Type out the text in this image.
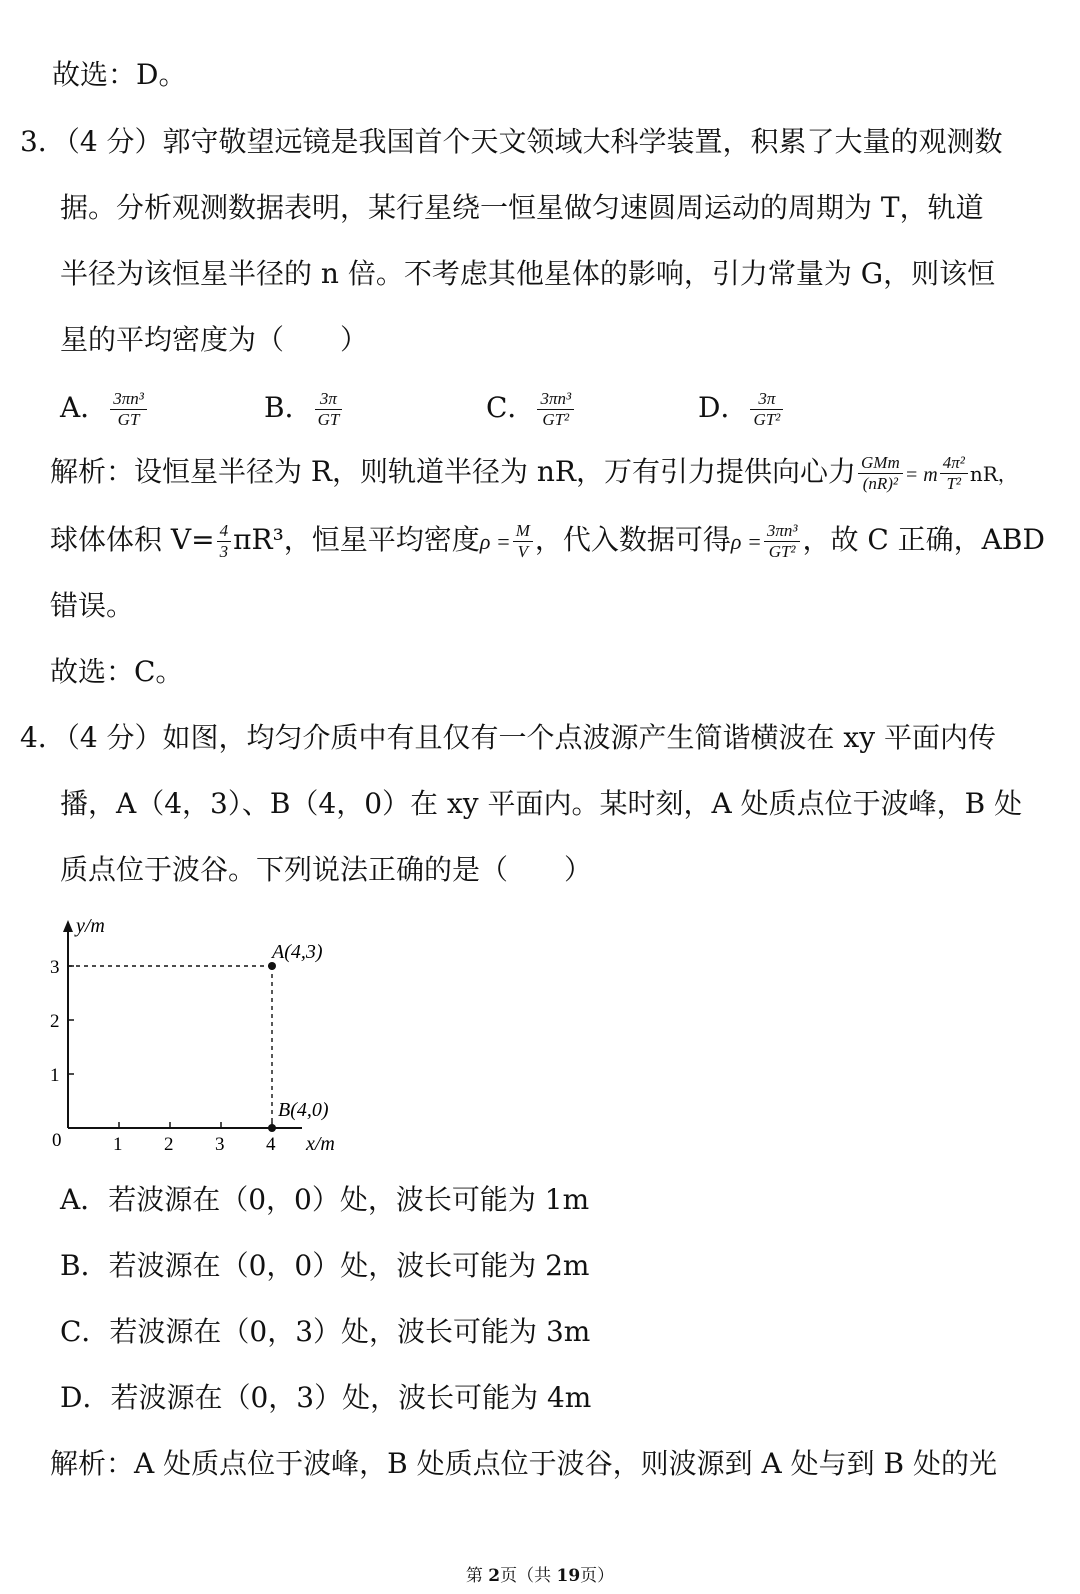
故选：D。
3．（4 分）郭守敬望远镜是我国首个天文领域大科学装置，积累了大量的观测数
据。分析观测数据表明，某行星绕一恒星做匀速圆周运动的周期为 T，轨道
半径为该恒星半径的 n 倍。不考虑其他星体的影响，引力常量为 G，则该恒
星的平均密度为（　　）
A． $\frac{\text{3πn³}}{GT}$	B． $\frac{3\pi}{GT}$	C． $\frac{\text{3πn³}}{\text{GT²}}$	D． $\frac{3\pi}{\text{GT²}}$
解析：设恒星半径为 R，则轨道半径为 nR，万有引力提供向心力 $\frac{\text{GMm}}{\text{(nR)²}} = m \frac{\text{4π²}}{\text{T²}}$ nR，
球体体积 $V= \frac{4}{3} \pi R^3$，恒星平均密度$\rho = \frac{M}{V}$ ，代入数据可得$\rho = \frac{\text{3πn³}}{\text{GT²}}$ ，故 C 正确，ABD
错误。
故选：C。
4．（4 分）如图，均匀介质中有且仅有一个点波源产生简谐横波在 xy 平面内传
播，A（4，3）、B（4，0）在 xy 平面内。某时刻，A 处质点位于波峰，B 处
质点位于波谷。下列说法正确的是（　　）
y/m
x/m
0	1 2 3 4
1
2
3
A(4,3)
B(4,0)
A．若波源在（0，0）处，波长可能为 1m
B．若波源在（0，0）处，波长可能为 2m
C．若波源在（0，3）处，波长可能为 3m
D．若波源在（0，3）处，波长可能为 4m
解析：A 处质点位于波峰，B 处质点位于波谷，则波源到 A 处与到 B 处的光
第 2页（共 19页）
